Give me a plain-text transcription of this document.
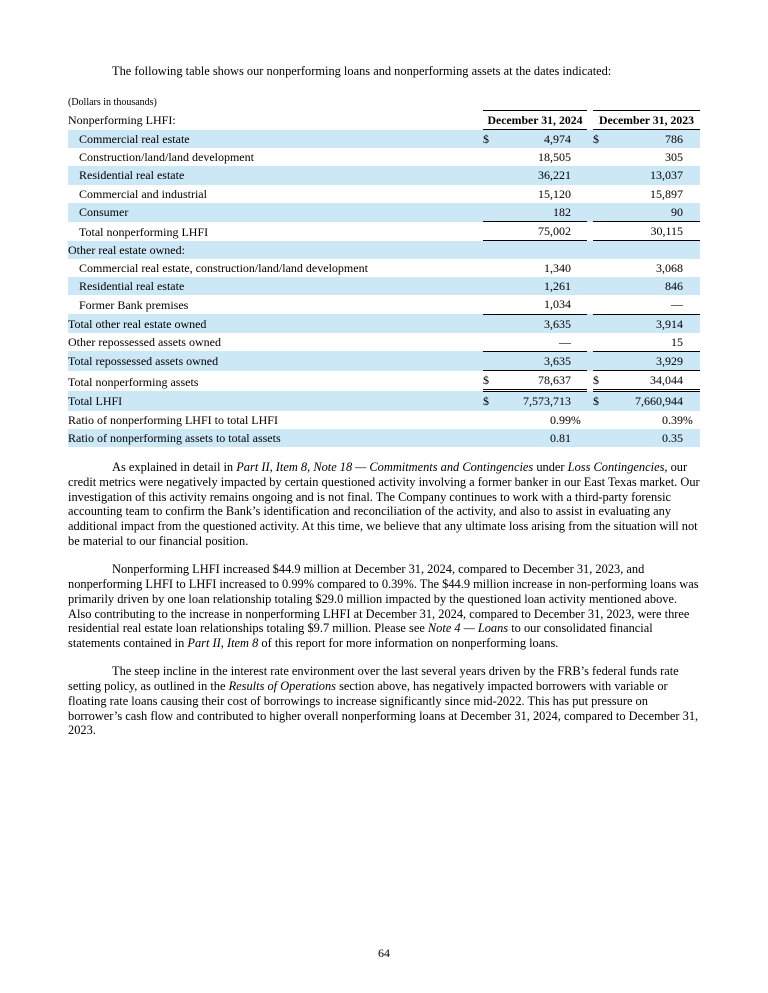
The following table shows our nonperforming loans and nonperforming assets at the dates indicated:

(Dollars in thousands)

Nonperforming LHFI:	December 31, 2024				December 31, 2023		
Commercial real estate	$	4,974			$	786	
Construction/land/land development		18,505				305	
Residential real estate		36,221				13,037	
Commercial and industrial		15,120				15,897	
Consumer		182				90	
Total nonperforming LHFI		75,002				30,115	
Other real estate owned:							
Commercial real estate, construction/land/land development		1,340				3,068	
Residential real estate		1,261				846	
Former Bank premises		1,034				—	
Total other real estate owned		3,635				3,914	
Other repossessed assets owned		—				15	
Total repossessed assets owned		3,635				3,929	
Total nonperforming assets	$	78,637			$	34,044	
Total LHFI	$	7,573,713			$	7,660,944	
Ratio of nonperforming LHFI to total LHFI		0.99	%			0.39	%
Ratio of nonperforming assets to total assets		0.81				0.35	

As explained in detail in Part II, Item 8, Note 18 — Commitments and Contingencies under Loss Contingencies, our credit metrics were negatively impacted by certain questioned activity involving a former banker in our East Texas market. Our investigation of this activity remains ongoing and is not final. The Company continues to work with a third-party forensic accounting team to confirm the Bank’s identification and reconciliation of the activity, and also to assist in evaluating any additional impact from the questioned activity. At this time, we believe that any ultimate loss arising from the situation will not be material to our financial position.

Nonperforming LHFI increased $44.9 million at December 31, 2024, compared to December 31, 2023, and nonperforming LHFI to LHFI increased to 0.99% compared to 0.39%. The $44.9 million increase in non-performing loans was primarily driven by one loan relationship totaling $29.0 million impacted by the questioned loan activity mentioned above. Also contributing to the increase in nonperforming LHFI at December 31, 2024, compared to December 31, 2023, were three residential real estate loan relationships totaling $9.7 million. Please see Note 4 — Loans to our consolidated financial statements contained in Part II, Item 8 of this report for more information on nonperforming loans.

The steep incline in the interest rate environment over the last several years driven by the FRB’s federal funds rate setting policy, as outlined in the Results of Operations section above, has negatively impacted borrowers with variable or floating rate loans causing their cost of borrowings to increase significantly since mid-2022. This has put pressure on borrower’s cash flow and contributed to higher overall nonperforming loans at December 31, 2024, compared to December 31, 2023.

64
